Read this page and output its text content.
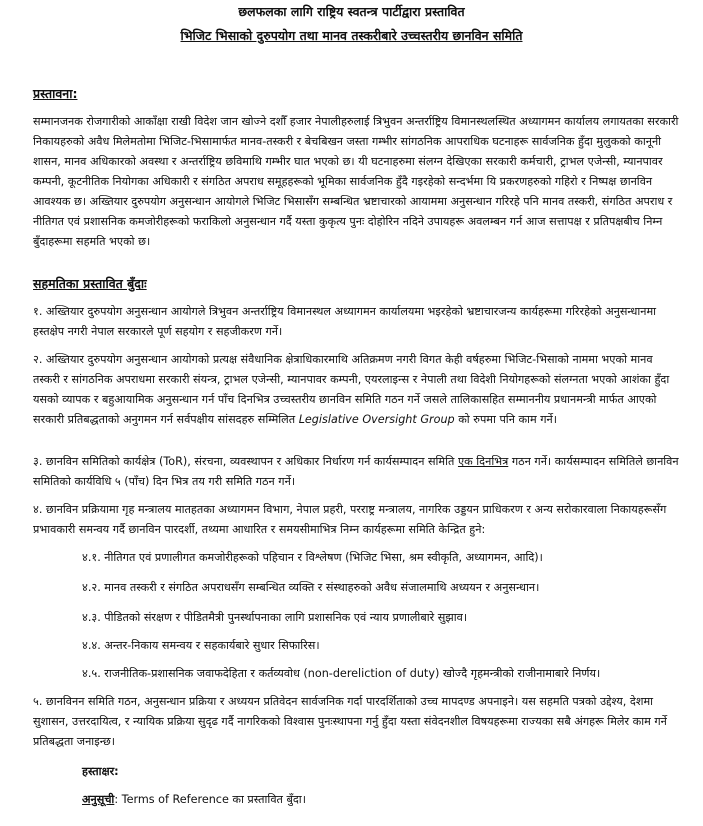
छलफलका लागि राष्ट्रिय स्वतन्त्र पार्टीद्वारा प्रस्तावित
भिजिट भिसाको दुरुपयोग तथा मानव तस्करीबारे उच्चस्तरीय छानविन समिति
प्रस्तावना:

सम्मानजनक रोजगारीको आकाँक्षा राखी विदेश जान खोज्ने दशौँ हजार नेपालीहरुलाई त्रिभुवन अन्तर्राष्ट्रिय विमानस्थलस्थित अध्यागमन कार्यालय लगायतका सरकारी निकायहरुको अवैध मिलेमतोमा भिजिट-भिसामार्फत मानव-तस्करी र बेचबिखन जस्ता गम्भीर सांगठनिक आपराधिक घटनाहरू सार्वजनिक हुँदा मुलुकको कानूनी शासन, मानव अधिकारको अवस्था र अन्तर्राष्ट्रिय छविमाथि गम्भीर घात भएको छ। यी घटनाहरुमा संलग्न देखिएका सरकारी कर्मचारी, ट्राभल एजेन्सी, म्यानपावर कम्पनी, कूटनीतिक नियोगका अधिकारी र संगठित अपराध समूहहरूको भूमिका सार्वजनिक हुँदै गइरहेको सन्दर्भमा यि प्रकरणहरुको गहिरो र निष्पक्ष छानविन आवश्यक छ। अख्तियार दुरुपयोग अनुसन्धान आयोगले भिजिट भिसासँग सम्बन्धित भ्रष्टाचारको आयाममा अनुसन्धान गरिरहे पनि मानव तस्करी, संगठित अपराध र नीतिगत एवं प्रशासनिक कमजोरीहरूको फराकिलो अनुसन्धान गर्दै यस्ता कुकृत्य पुनः दोहोरिन नदिने उपायहरू अवलम्बन गर्न आज सत्तापक्ष र प्रतिपक्षबीच निम्न बुँदाहरूमा सहमति भएको छ।

सहमतिका प्रस्तावित बुँदाः

१. अख्तियार दुरुपयोग अनुसन्धान आयोगले त्रिभुवन अन्तर्राष्ट्रिय विमानस्थल अध्यागमन कार्यालयमा भइरहेको भ्रष्टाचारजन्य कार्यहरूमा गरिरहेको अनुसन्धानमा हस्तक्षेप नगरी नेपाल सरकारले पूर्ण सहयोग र सहजीकरण गर्ने।

२. अख्तियार दुरुपयोग अनुसन्धान आयोगको प्रत्यक्ष संवैधानिक क्षेत्राधिकारमाथि अतिक्रमण नगरी विगत केही वर्षहरुमा भिजिट-भिसाको नाममा भएको मानव तस्करी र सांगठनिक अपराधमा सरकारी संयन्त्र, ट्राभल एजेन्सी, म्यानपावर कम्पनी, एयरलाइन्स र नेपाली तथा विदेशी नियोगहरूको संलग्नता भएको आशंका हुँदा यसको व्यापक र बहुआयामिक अनुसन्धान गर्न पाँच दिनभित्र उच्चस्तरीय छानविन समिति गठन गर्ने जसले तालिकासहित सम्माननीय प्रधानमन्त्री मार्फत आएको सरकारी प्रतिबद्धताको अनुगमन गर्न सर्वपक्षीय सांसदहरु सम्मिलित Legislative Oversight Group को रुपमा पनि काम गर्ने।

३. छानविन समितिको कार्यक्षेत्र (ToR), संरचना, व्यवस्थापन र अधिकार निर्धारण गर्न कार्यसम्पादन समिति एक दिनभित्र गठन गर्ने। कार्यसम्पादन समितिले छानविन समितिको कार्यविधि ५ (पाँच) दिन भित्र तय गरी समिति गठन गर्ने।

४. छानविन प्रक्रियामा गृह मन्त्रालय मातहतका अध्यागमन विभाग, नेपाल प्रहरी, परराष्ट्र मन्त्रालय, नागरिक उड्डयन प्राधिकरण र अन्य सरोकारवाला निकायहरूसँग प्रभावकारी समन्वय गर्दै छानविन पारदर्शी, तथ्यमा आधारित र समयसीमाभित्र निम्न कार्यहरूमा समिति केन्द्रित हुने:

४.१. नीतिगत एवं प्रणालीगत कमजोरीहरूको पहिचान र विश्लेषण (भिजिट भिसा, श्रम स्वीकृति, अध्यागमन, आदि)।

४.२. मानव तस्करी र संगठित अपराधसँग सम्बन्धित व्यक्ति र संस्थाहरुको अवैध संजालमाथि अध्ययन र अनुसन्धान।

४.३. पीडितको संरक्षण र पीडितमैत्री पुनर्स्थापनाका लागि प्रशासनिक एवं न्याय प्रणालीबारे सुझाव।

४.४. अन्तर-निकाय समन्वय र सहकार्यबारे सुधार सिफारिस।

४.५. राजनीतिक-प्रशासनिक जवाफदेहिता र कर्तव्यवोध (non-dereliction of duty) खोज्दै गृहमन्त्रीको राजीनामाबारे निर्णय।

५. छानविनन समिति गठन, अनुसन्धान प्रक्रिया र अध्ययन प्रतिवेदन सार्वजनिक गर्दा पारदर्शिताको उच्च मापदण्ड अपनाइने। यस सहमति पत्रको उद्देश्य, देशमा सुशासन, उत्तरदायित्व, र न्यायिक प्रक्रिया सुदृढ गर्दै नागरिकको विश्वास पुनःस्थापना गर्नु हुँदा यस्ता संवेदनशील विषयहरूमा राज्यका सबै अंगहरू मिलेर काम गर्ने प्रतिबद्धता जनाइन्छ।

हस्ताक्षर:
अनुसूची: Terms of Reference का प्रस्तावित बुँदा।
